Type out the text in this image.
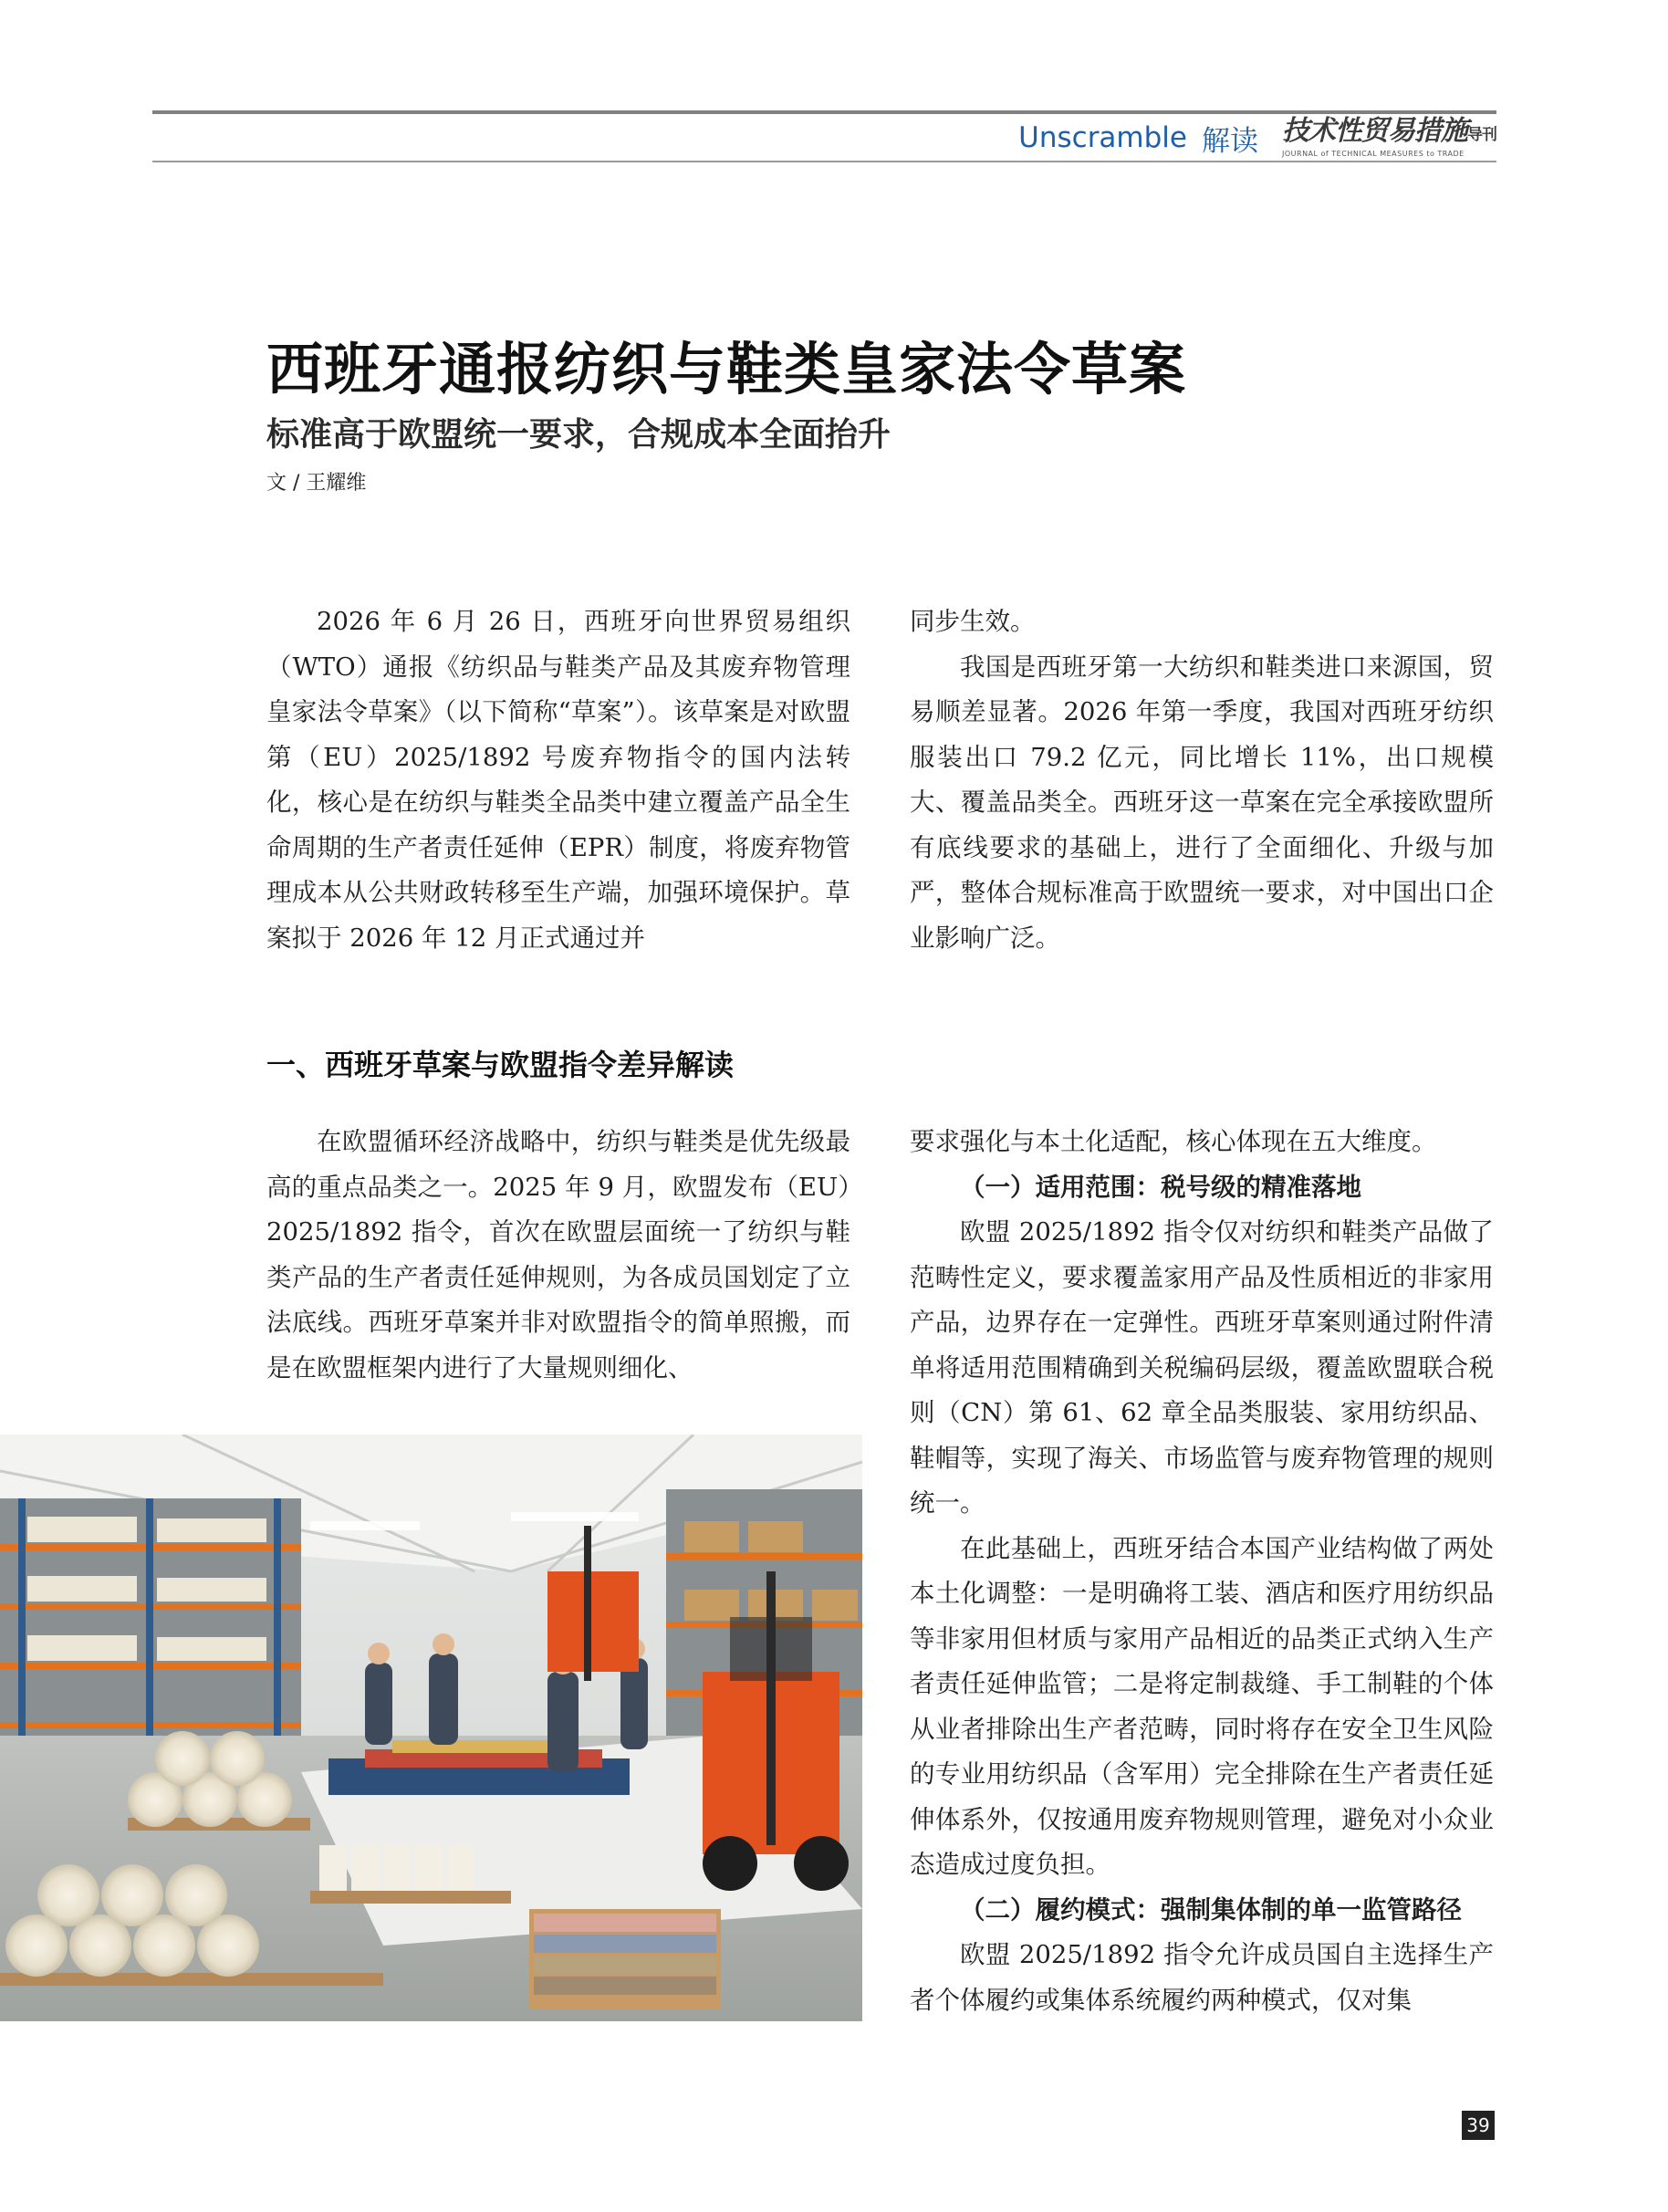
Unscramble 解读 技术性贸易措施导刊
JOURNAL of TECHNICAL MEASURES to TRADE
西班牙通报纺织与鞋类皇家法令草案
标准高于欧盟统一要求，合规成本全面抬升
文 / 王耀维

2026 年 6 月 26 日，西班牙向世界贸易组织（WTO）通报《纺织品与鞋类产品及其废弃物管理皇家法令草案》（以下简称“草案”）。该草案是对欧盟第（EU）2025/1892 号废弃物指令的国内法转化，核心是在纺织与鞋类全品类中建立覆盖产品全生命周期的生产者责任延伸（EPR）制度，将废弃物管理成本从公共财政转移至生产端，加强环境保护。草案拟于 2026 年 12 月正式通过并

同步生效。

我国是西班牙第一大纺织和鞋类进口来源国，贸易顺差显著。2026 年第一季度，我国对西班牙纺织服装出口 79.2 亿元，同比增长 11%，出口规模大、覆盖品类全。西班牙这一草案在完全承接欧盟所有底线要求的基础上，进行了全面细化、升级与加严，整体合规标准高于欧盟统一要求，对中国出口企业影响广泛。

一、西班牙草案与欧盟指令差异解读

在欧盟循环经济战略中，纺织与鞋类是优先级最高的重点品类之一。2025 年 9 月，欧盟发布（EU）2025/1892 指令，首次在欧盟层面统一了纺织与鞋类产品的生产者责任延伸规则，为各成员国划定了立法底线。西班牙草案并非对欧盟指令的简单照搬，而是在欧盟框架内进行了大量规则细化、

要求强化与本土化适配，核心体现在五大维度。

（一）适用范围：税号级的精准落地

欧盟 2025/1892 指令仅对纺织和鞋类产品做了范畴性定义，要求覆盖家用产品及性质相近的非家用产品，边界存在一定弹性。西班牙草案则通过附件清单将适用范围精确到关税编码层级，覆盖欧盟联合税则（CN）第 61、62 章全品类服装、家用纺织品、鞋帽等，实现了海关、市场监管与废弃物管理的规则统一。

在此基础上，西班牙结合本国产业结构做了两处本土化调整：一是明确将工装、酒店和医疗用纺织品等非家用但材质与家用产品相近的品类正式纳入生产者责任延伸监管；二是将定制裁缝、手工制鞋的个体从业者排除出生产者范畴，同时将存在安全卫生风险的专业用纺织品（含军用）完全排除在生产者责任延伸体系外，仅按通用废弃物规则管理，避免对小众业态造成过度负担。

（二）履约模式：强制集体制的单一监管路径

欧盟 2025/1892 指令允许成员国自主选择生产者个体履约或集体系统履约两种模式，仅对集

39
